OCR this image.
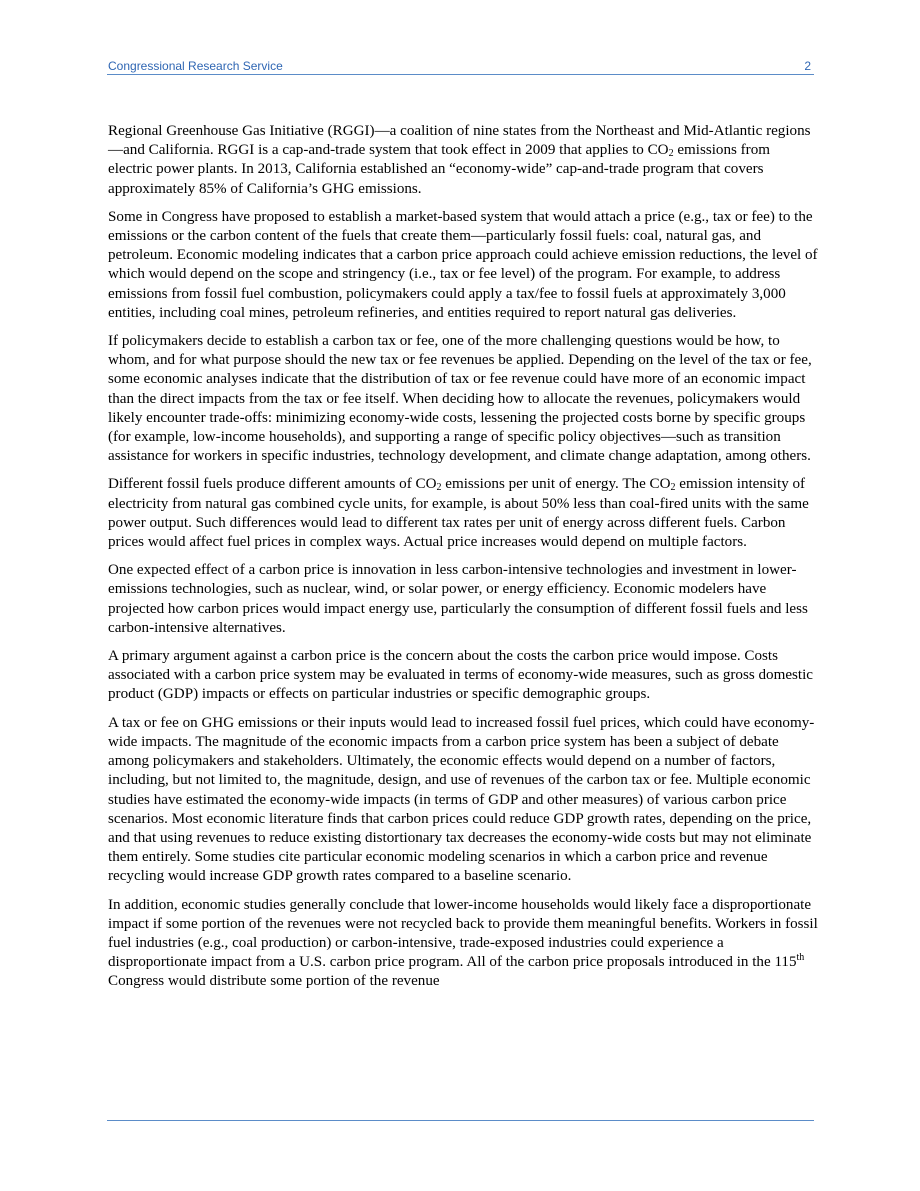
Congressional Research Service	2

Regional Greenhouse Gas Initiative (RGGI)—a coalition of nine states from the Northeast and Mid-Atlantic regions—and California. RGGI is a cap-and-trade system that took effect in 2009 that applies to $CO_2$ emissions from electric power plants. In 2013, California established an “economy-wide” cap-and-trade program that covers approximately 85% of California’s GHG emissions.

Some in Congress have proposed to establish a market-based system that would attach a price (e.g., tax or fee) to the emissions or the carbon content of the fuels that create them—particularly fossil fuels: coal, natural gas, and petroleum. Economic modeling indicates that a carbon price approach could achieve emission reductions, the level of which would depend on the scope and stringency (i.e., tax or fee level) of the program. For example, to address emissions from fossil fuel combustion, policymakers could apply a tax/fee to fossil fuels at approximately 3,000 entities, including coal mines, petroleum refineries, and entities required to report natural gas deliveries.

If policymakers decide to establish a carbon tax or fee, one of the more challenging questions would be how, to whom, and for what purpose should the new tax or fee revenues be applied. Depending on the level of the tax or fee, some economic analyses indicate that the distribution of tax or fee revenue could have more of an economic impact than the direct impacts from the tax or fee itself. When deciding how to allocate the revenues, policymakers would likely encounter trade-offs: minimizing economy-wide costs, lessening the projected costs borne by specific groups (for example, low-income households), and supporting a range of specific policy objectives—such as transition assistance for workers in specific industries, technology development, and climate change adaptation, among others.

Different fossil fuels produce different amounts of $CO_2$ emissions per unit of energy. The $CO_2$ emission intensity of electricity from natural gas combined cycle units, for example, is about 50% less than coal-fired units with the same power output. Such differences would lead to different tax rates per unit of energy across different fuels. Carbon prices would affect fuel prices in complex ways. Actual price increases would depend on multiple factors.

One expected effect of a carbon price is innovation in less carbon-intensive technologies and investment in lower-emissions technologies, such as nuclear, wind, or solar power, or energy efficiency. Economic modelers have projected how carbon prices would impact energy use, particularly the consumption of different fossil fuels and less carbon-intensive alternatives.

A primary argument against a carbon price is the concern about the costs the carbon price would impose. Costs associated with a carbon price system may be evaluated in terms of economy-wide measures, such as gross domestic product (GDP) impacts or effects on particular industries or specific demographic groups.

A tax or fee on GHG emissions or their inputs would lead to increased fossil fuel prices, which could have economy-wide impacts. The magnitude of the economic impacts from a carbon price system has been a subject of debate among policymakers and stakeholders. Ultimately, the economic effects would depend on a number of factors, including, but not limited to, the magnitude, design, and use of revenues of the carbon tax or fee. Multiple economic studies have estimated the economy-wide impacts (in terms of GDP and other measures) of various carbon price scenarios. Most economic literature finds that carbon prices could reduce GDP growth rates, depending on the price, and that using revenues to reduce existing distortionary tax decreases the economy-wide costs but may not eliminate them entirely. Some studies cite particular economic modeling scenarios in which a carbon price and revenue recycling would increase GDP growth rates compared to a baseline scenario.

In addition, economic studies generally conclude that lower-income households would likely face a disproportionate impact if some portion of the revenues were not recycled back to provide them meaningful benefits. Workers in fossil fuel industries (e.g., coal production) or carbon-intensive, trade-exposed industries could experience a disproportionate impact from a U.S. carbon price program. All of the carbon price proposals introduced in the 115th Congress would distribute some portion of the revenue
